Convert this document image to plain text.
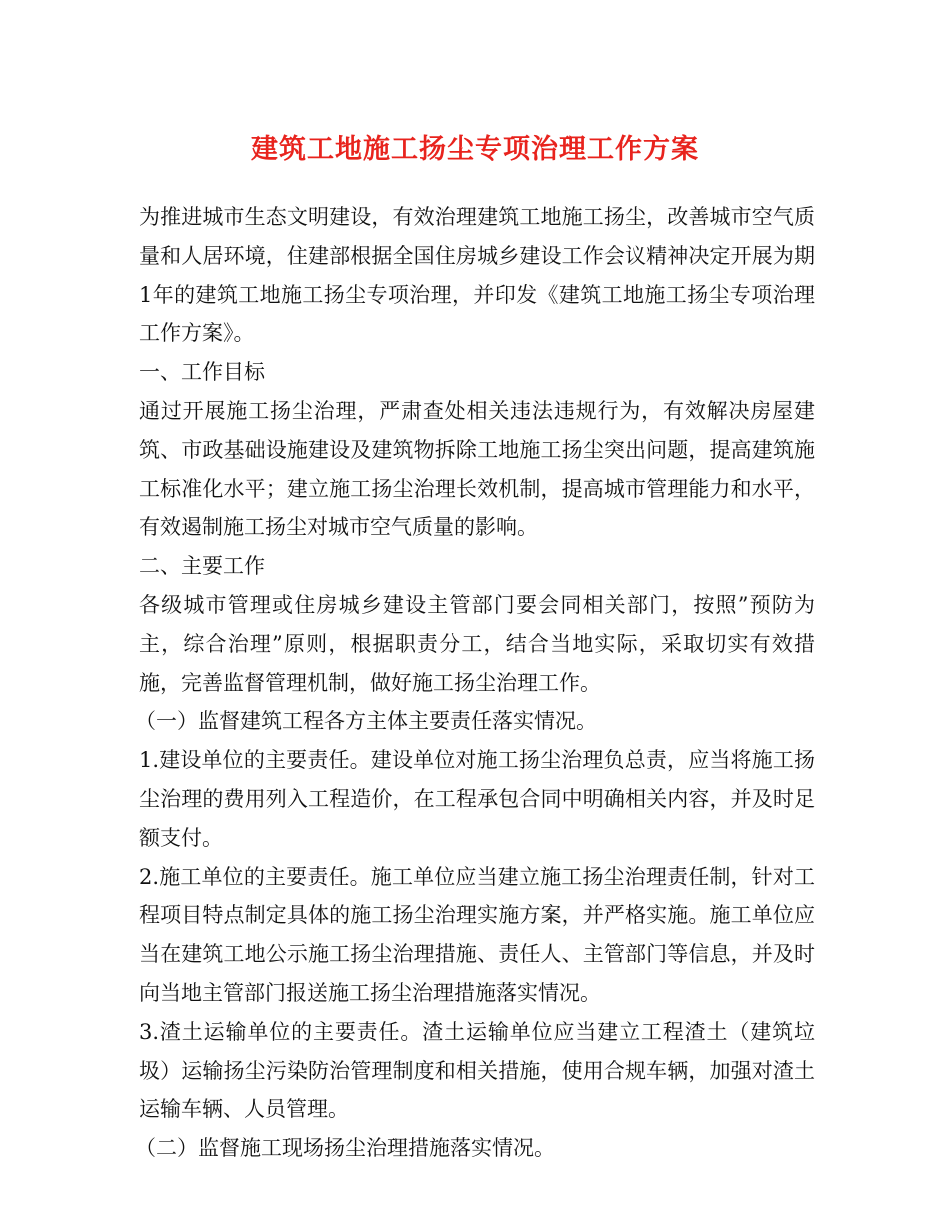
建筑工地施工扬尘专项治理工作方案

为推进城市生态文明建设，有效治理建筑工地施工扬尘，改善城市空气质量和人居环境，住建部根据全国住房城乡建设工作会议精神决定开展为期1年的建筑工地施工扬尘专项治理，并印发《建筑工地施工扬尘专项治理工作方案》。

一、工作目标

通过开展施工扬尘治理，严肃查处相关违法违规行为，有效解决房屋建筑、市政基础设施建设及建筑物拆除工地施工扬尘突出问题，提高建筑施工标准化水平；建立施工扬尘治理长效机制，提高城市管理能力和水平，有效遏制施工扬尘对城市空气质量的影响。

二、主要工作

各级城市管理或住房城乡建设主管部门要会同相关部门，按照”预防为主，综合治理”原则，根据职责分工，结合当地实际，采取切实有效措施，完善监督管理机制，做好施工扬尘治理工作。

（一）监督建筑工程各方主体主要责任落实情况。

1.建设单位的主要责任。建设单位对施工扬尘治理负总责，应当将施工扬尘治理的费用列入工程造价，在工程承包合同中明确相关内容，并及时足额支付。

2.施工单位的主要责任。施工单位应当建立施工扬尘治理责任制，针对工程项目特点制定具体的施工扬尘治理实施方案，并严格实施。施工单位应当在建筑工地公示施工扬尘治理措施、责任人、主管部门等信息，并及时向当地主管部门报送施工扬尘治理措施落实情况。

3.渣土运输单位的主要责任。渣土运输单位应当建立工程渣土（建筑垃圾）运输扬尘污染防治管理制度和相关措施，使用合规车辆，加强对渣土运输车辆、人员管理。

（二）监督施工现场扬尘治理措施落实情况。
